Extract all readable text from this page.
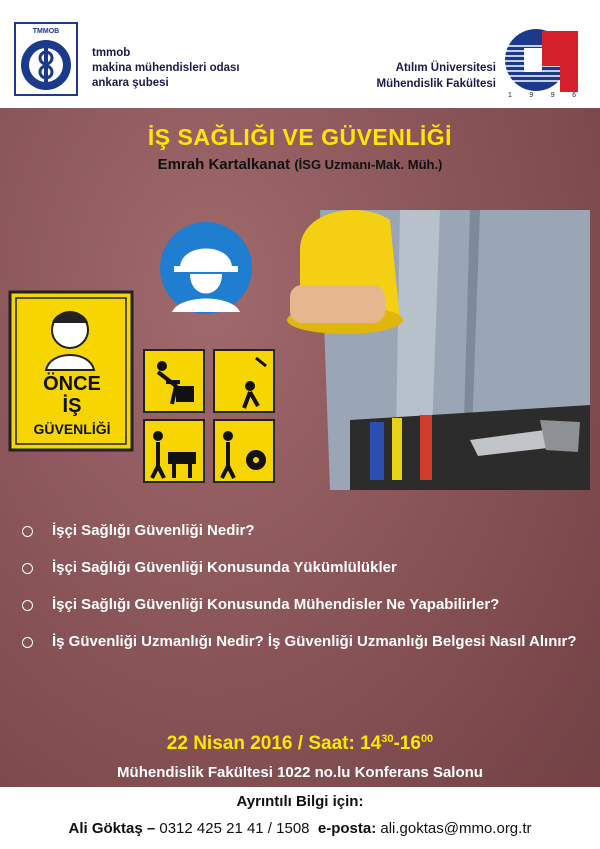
TMMOB
tmmob
makina mühendisleri odası
ankara şubesi
Atılım Üniversitesi
Mühendislik Fakültesi
1 9 9 6
İŞ SAĞLIĞI VE GÜVENLİĞİ
Emrah Kartalkanat (İSG Uzmanı-Mak. Müh.)
ÖNCE
İŞ
GÜVENLİĞİ
İşçi Sağlığı Güvenliği Nedir?
İşçi Sağlığı Güvenliği Konusunda Yükümlülükler
İşçi Sağlığı Güvenliği Konusunda Mühendisler Ne Yapabilirler?
İş Güvenliği Uzmanlığı Nedir? İş Güvenliği Uzmanlığı Belgesi Nasıl Alınır?
22 Nisan 2016 / Saat: $14^{30}-16^{00}$
Mühendislik Fakültesi 1022 no.lu Konferans Salonu
Ayrıntılı Bilgi için:
Ali Göktaş – 0312 425 21 41 / 1508 e-posta: ali.goktas@mmo.org.tr
